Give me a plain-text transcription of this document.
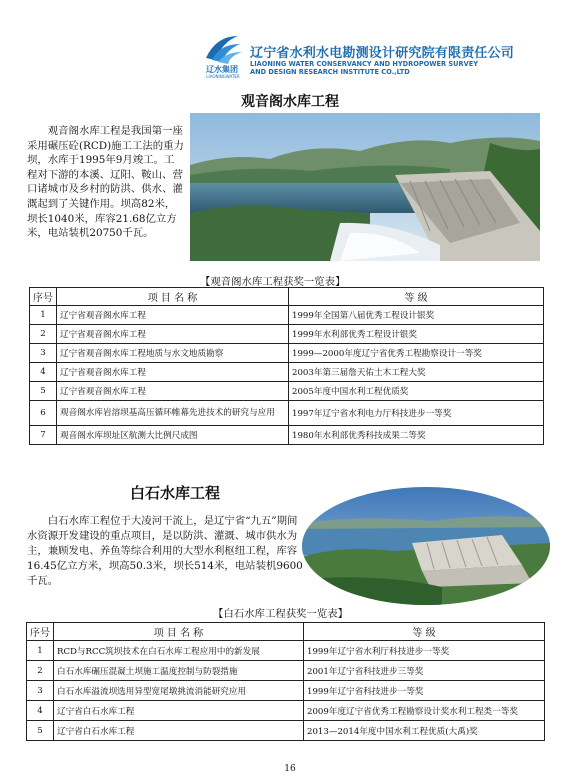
辽水集团
LIAONINGWATER
辽宁省水利水电勘测设计研究院有限责任公司
LIAONING WATER CONSERVANCY AND HYDROPOWER SURVEY
AND DESIGN RESEARCH INSTITUTE CO.,LTD
观音阁水库工程

观音阁水库工程是我国第一座采用碾压砼(RCD)施工工法的重力坝，水库于1995年9月竣工。工程对下游的本溪、辽阳、鞍山、营口诸城市及乡村的防洪、供水、灌溉起到了关键作用。坝高82米，坝长1040米，库容21.68亿立方米，电站装机20750千瓦。

【观音阁水库工程获奖一览表】
序号	项 目 名 称	等 级
1	辽宁省观音阁水库工程	1999年全国第八届优秀工程设计银奖
2	辽宁省观音阁水库工程	1999年水利部优秀工程设计银奖
3	辽宁省观音阁水库工程地质与水文地质勘察	1999—2000年度辽宁省优秀工程勘察设计一等奖
4	辽宁省观音阁水库工程	2003年第三届詹天佑土木工程大奖
5	辽宁省观音阁水库工程	2005年度中国水利工程优质奖
6	观音阁水库岩溶坝基高压循环帷幕先进技术的研究与应用	1997年辽宁省水利电力厅科技进步一等奖
7	观音阁水库坝址区航测大比例尺成图	1980年水利部优秀科技成果二等奖
白石水库工程

白石水库工程位于大凌河干流上，是辽宁省“九五”期间水资源开发建设的重点项目，是以防洪、灌溉、城市供水为主，兼顾发电、养鱼等综合利用的大型水利枢纽工程，库容16.45亿立方米，坝高50.3米，坝长514米，电站装机9600千瓦。

【白石水库工程获奖一览表】
序号	项 目 名 称	等 级
1	RCD与RCC筑坝技术在白石水库工程应用中的新发展	1999年辽宁省水利厅科技进步一等奖
2	白石水库碾压混凝土坝施工温度控制与防裂措施	2001年辽宁省科技进步三等奖
3	白石水库溢流坝选用异型宽尾墩挑流消能研究应用	1999年辽宁省科技进步一等奖
4	辽宁省白石水库工程	2009年度辽宁省优秀工程勘察设计奖水利工程类一等奖
5	辽宁省白石水库工程	2013—2014年度中国水利工程优质(大禹)奖
16
